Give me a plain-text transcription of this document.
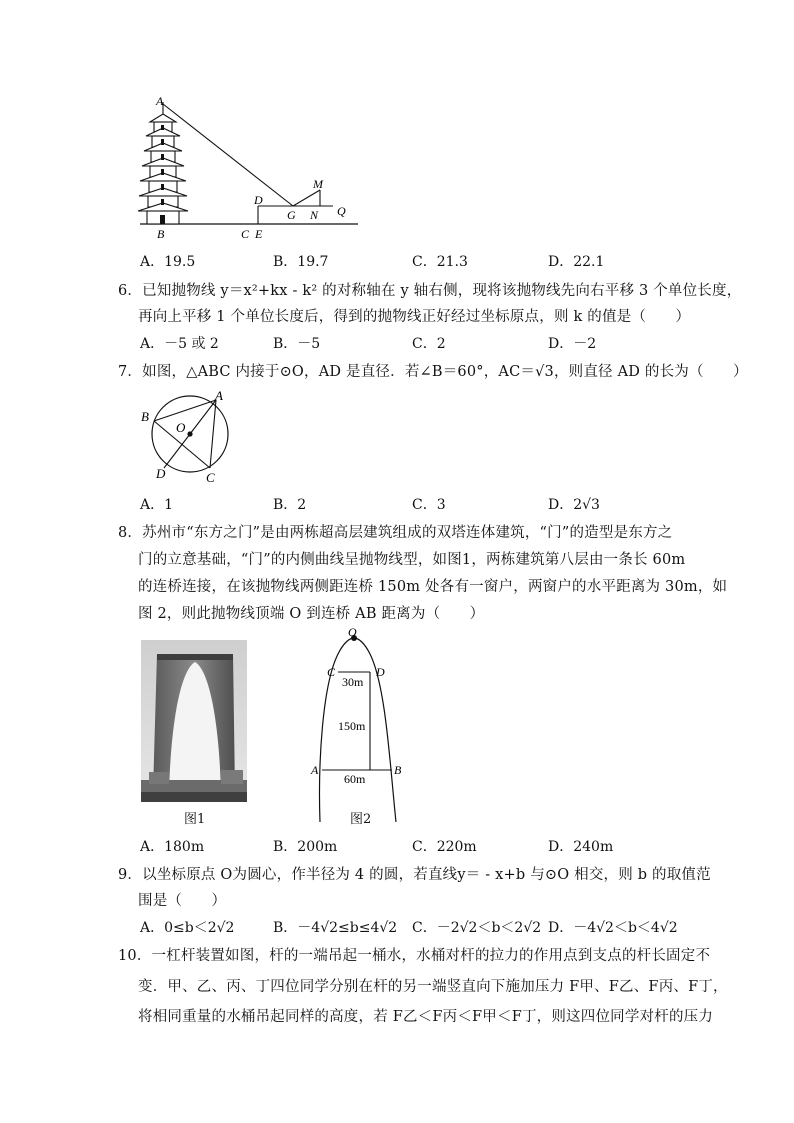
A
B	C E
D
G
M
N Q
A．19.5	B．19.7	C．21.3	D．22.1
6．已知抛物线 y＝x²+kx - k² 的对称轴在 y 轴右侧，现将该抛物线先向右平移 3 个单位长度，
再向上平移 1 个单位长度后，得到的抛物线正好经过坐标原点，则 k 的值是（　　）
A．－5 或 2	B．－5	C．2	D．－2
7．如图，△ABC 内接于⊙O，AD 是直径．若∠B＝60°，AC＝√3，则直径 AD 的长为（　　）
B
A
O
D	C
A．1	B．2	C．3	D．2√3
8．苏州市“东方之门”是由两栋超高层建筑组成的双塔连体建筑，“门”的造型是东方之
门的立意基础，“门”的内侧曲线呈抛物线型，如图1，两栋建筑第八层由一条长 60m
的连桥连接，在该抛物线两侧距连桥 150m 处各有一窗户，两窗户的水平距离为 30m，如
图 2，则此抛物线顶端 O 到连桥 AB 距离为（　　）
图1
O
C	D
30m
150m
A
60m
B
图2
A．180m	B．200m	C．220m	D．240m
9．以坐标原点 O为圆心，作半径为 4 的圆，若直线y＝ - x+b 与⊙O 相交，则 b 的取值范
围是（　　）
A．0≤b＜2√2	B．－4√2≤b≤4√2 C．－2√2＜b＜2√2 D．－4√2＜b＜4√2
10．一杠杆装置如图，杆的一端吊起一桶水，水桶对杆的拉力的作用点到支点的杆长固定不
变．甲、乙、丙、丁四位同学分别在杆的另一端竖直向下施加压力 F甲、F乙、F丙、F丁，
将相同重量的水桶吊起同样的高度，若 F乙＜F丙＜F甲＜F丁，则这四位同学对杆的压力
